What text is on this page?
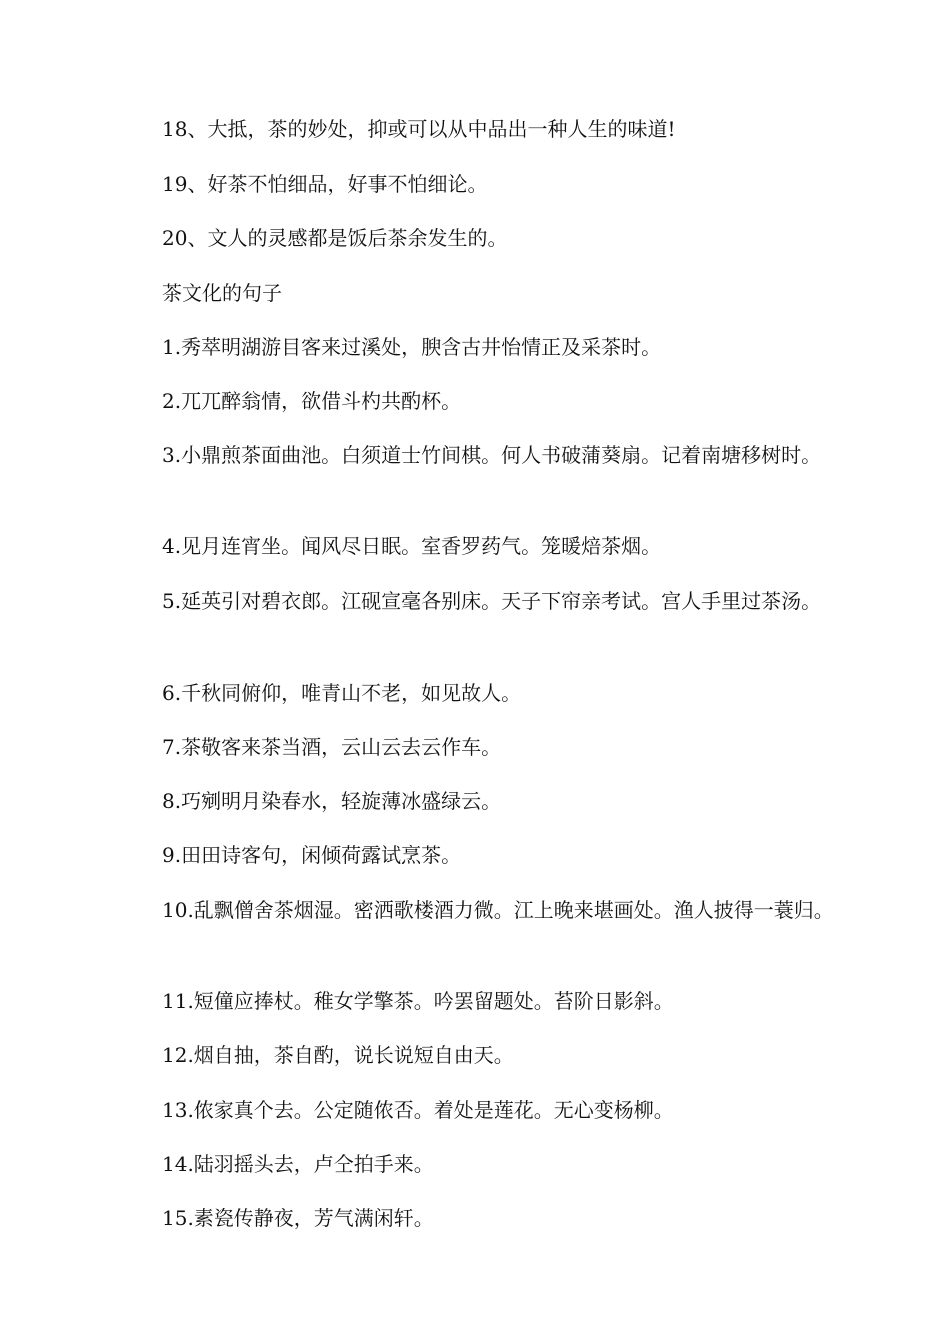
18、大抵，茶的妙处，抑或可以从中品出一种人生的味道!

19、好茶不怕细品，好事不怕细论。

20、文人的灵感都是饭后茶余发生的。

茶文化的句子

1.秀萃明湖游目客来过溪处，腴含古井怡情正及采茶时。

2.兀兀醉翁情，欲借斗杓共酌杯。

3.小鼎煎茶面曲池。白须道士竹间棋。何人书破蒲葵扇。记着南塘移树时。

4.见月连宵坐。闻风尽日眠。室香罗药气。笼暖焙茶烟。

5.延英引对碧衣郎。江砚宣毫各别床。天子下帘亲考试。宫人手里过茶汤。

6.千秋同俯仰，唯青山不老，如见故人。

7.茶敬客来茶当酒，云山云去云作车。

8.巧剜明月染春水，轻旋薄冰盛绿云。

9.田田诗客句，闲倾荷露试烹茶。

10.乱飘僧舍茶烟湿。密洒歌楼酒力微。江上晚来堪画处。渔人披得一蓑归。

11.短僮应捧杖。稚女学擎茶。吟罢留题处。苔阶日影斜。

12.烟自抽，茶自酌，说长说短自由天。

13.侬家真个去。公定随侬否。着处是莲花。无心变杨柳。

14.陆羽摇头去，卢仝拍手来。

15.素瓷传静夜，芳气满闲轩。
